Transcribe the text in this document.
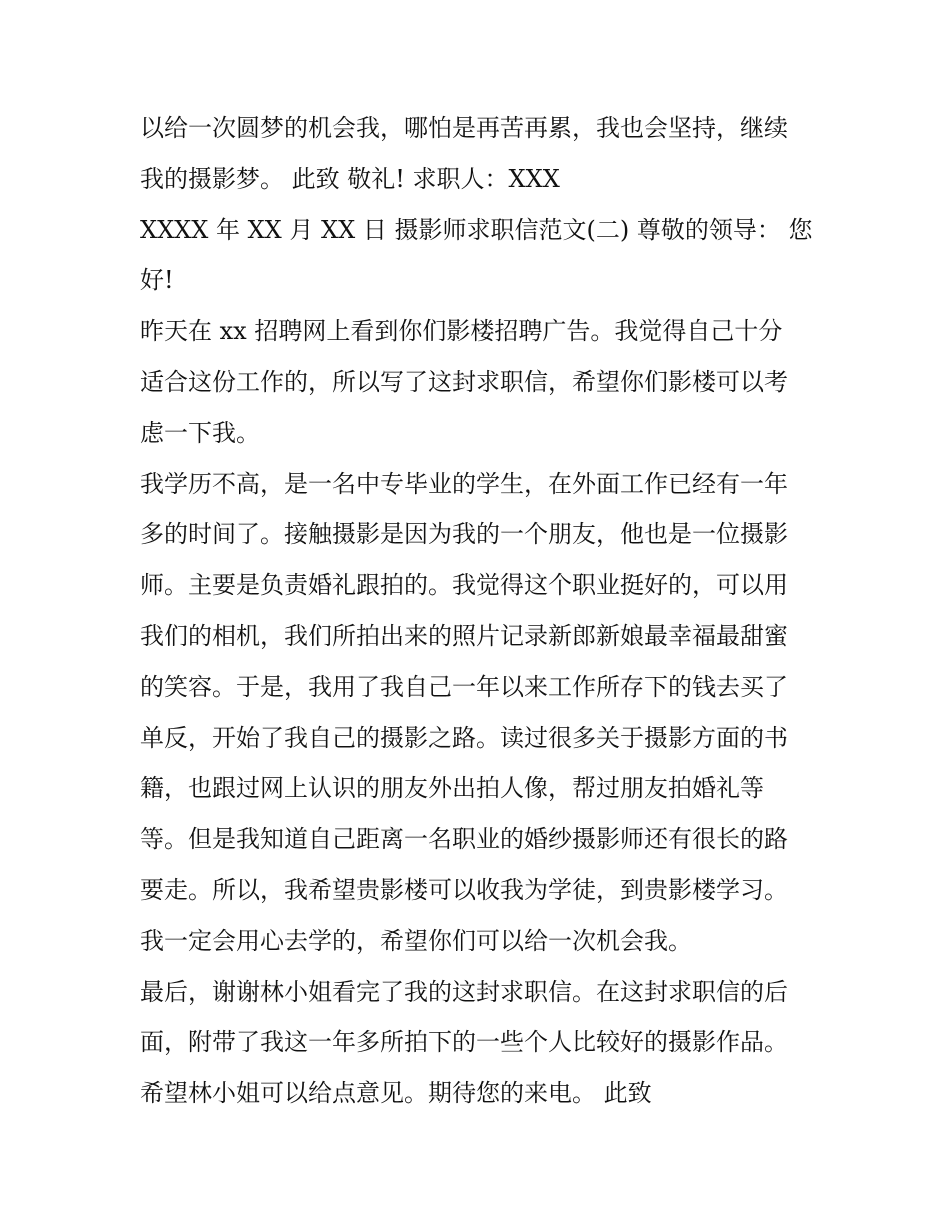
以给一次圆梦的机会我，哪怕是再苦再累，我也会坚持，继续
我的摄影梦。 此致 敬礼! 求职人：XXX
XXXX 年 XX 月 XX 日 摄影师求职信范文(二) 尊敬的领导： 您
好!
昨天在 xx 招聘网上看到你们影楼招聘广告。我觉得自己十分
适合这份工作的，所以写了这封求职信，希望你们影楼可以考
虑一下我。
我学历不高，是一名中专毕业的学生，在外面工作已经有一年
多的时间了。接触摄影是因为我的一个朋友，他也是一位摄影
师。主要是负责婚礼跟拍的。我觉得这个职业挺好的，可以用
我们的相机，我们所拍出来的照片记录新郎新娘最幸福最甜蜜
的笑容。于是，我用了我自己一年以来工作所存下的钱去买了
单反，开始了我自己的摄影之路。读过很多关于摄影方面的书
籍，也跟过网上认识的朋友外出拍人像，帮过朋友拍婚礼等
等。但是我知道自己距离一名职业的婚纱摄影师还有很长的路
要走。所以，我希望贵影楼可以收我为学徒，到贵影楼学习。
我一定会用心去学的，希望你们可以给一次机会我。
最后，谢谢林小姐看完了我的这封求职信。在这封求职信的后
面，附带了我这一年多所拍下的一些个人比较好的摄影作品。
希望林小姐可以给点意见。期待您的来电。 此致
